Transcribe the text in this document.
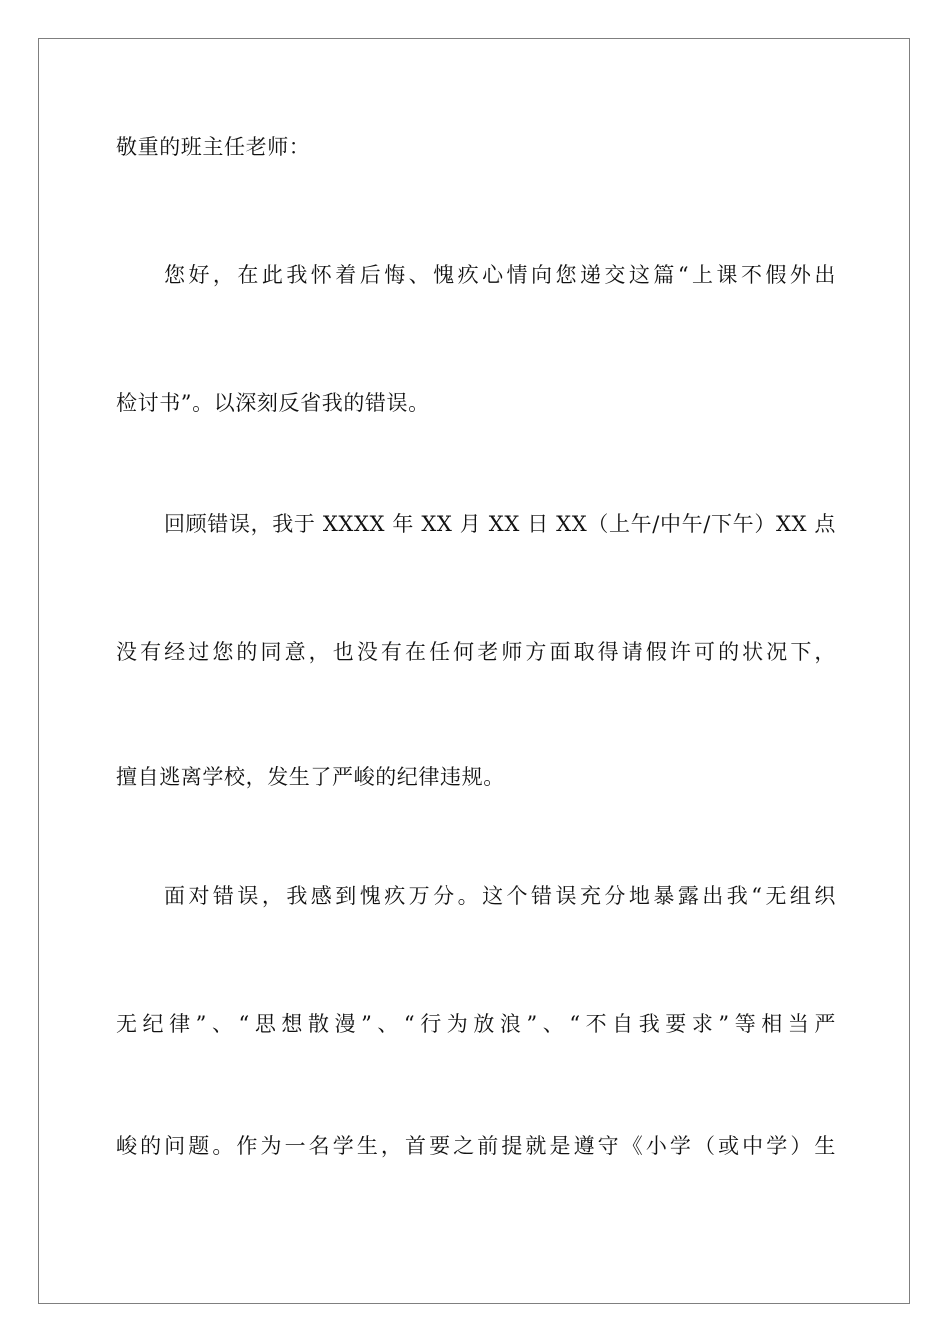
敬重的班主任老师：
您好，在此我怀着后悔、愧疚心情向您递交这篇“上课不假外出
检讨书”。以深刻反省我的错误。
回顾错误，我于 XXXX 年 XX 月 XX 日 XX（上午/中午/下午）XX 点
没有经过您的同意，也没有在任何老师方面取得请假许可的状况下，
擅自逃离学校，发生了严峻的纪律违规。
面对错误，我感到愧疚万分。这个错误充分地暴露出我“无组织
无纪律”、“思想散漫”、“行为放浪”、“不自我要求”等相当严
峻的问题。作为一名学生，首要之前提就是遵守《小学（或中学）生
